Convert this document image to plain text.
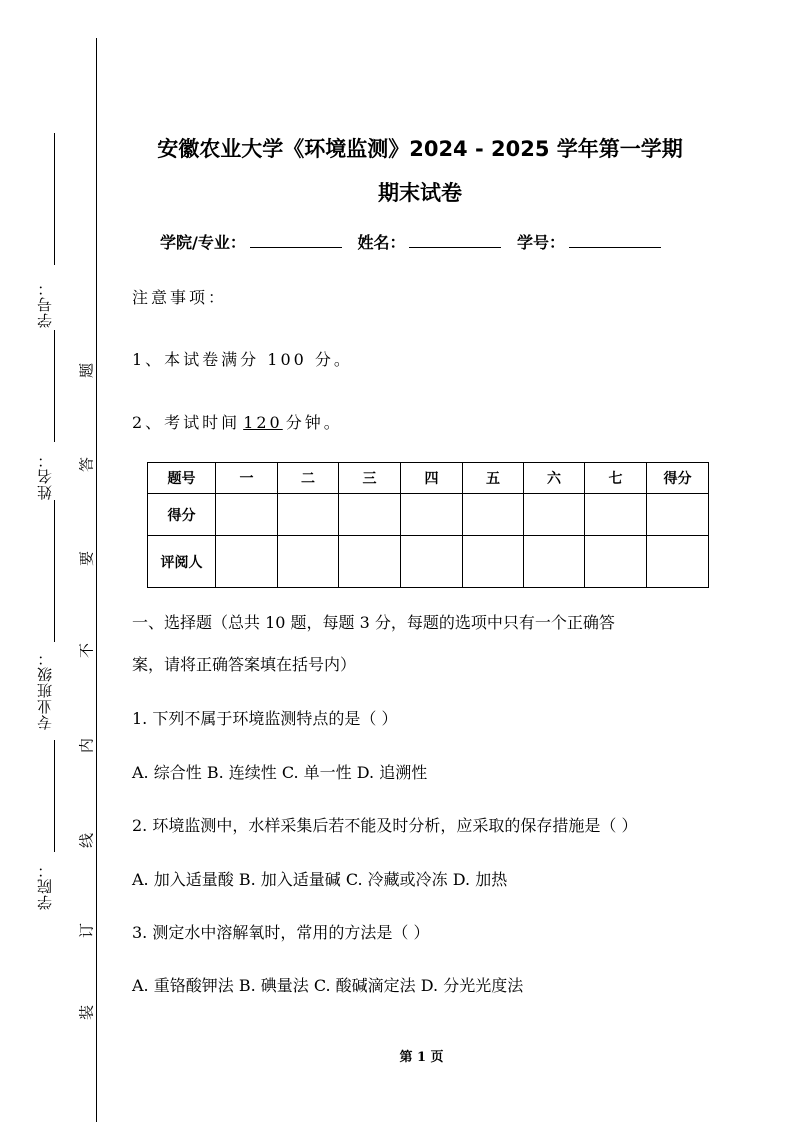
学号：
姓名：
专业班级：
学院：
题
答
要
不
内
线
订
装
安徽农业大学《环境监测》2024 - 2025 学年第一学期
期末试卷
学院/专业：	姓名：	学号：
注意事项：
1、本试卷满分 100 分。
2、考试时间 120 分钟。
题号	一	二	三	四	五	六	七	得分
得分								
评阅人								
一、选择题（总共 10 题，每题 3 分，每题的选项中只有一个正确答
案，请将正确答案填在括号内）
1. 下列不属于环境监测特点的是（ ）
A. 综合性 B. 连续性 C. 单一性 D. 追溯性
2. 环境监测中，水样采集后若不能及时分析，应采取的保存措施是（ ）
A. 加入适量酸 B. 加入适量碱 C. 冷藏或冷冻 D. 加热
3. 测定水中溶解氧时，常用的方法是（ ）
A. 重铬酸钾法 B. 碘量法 C. 酸碱滴定法 D. 分光光度法
第 1 页
